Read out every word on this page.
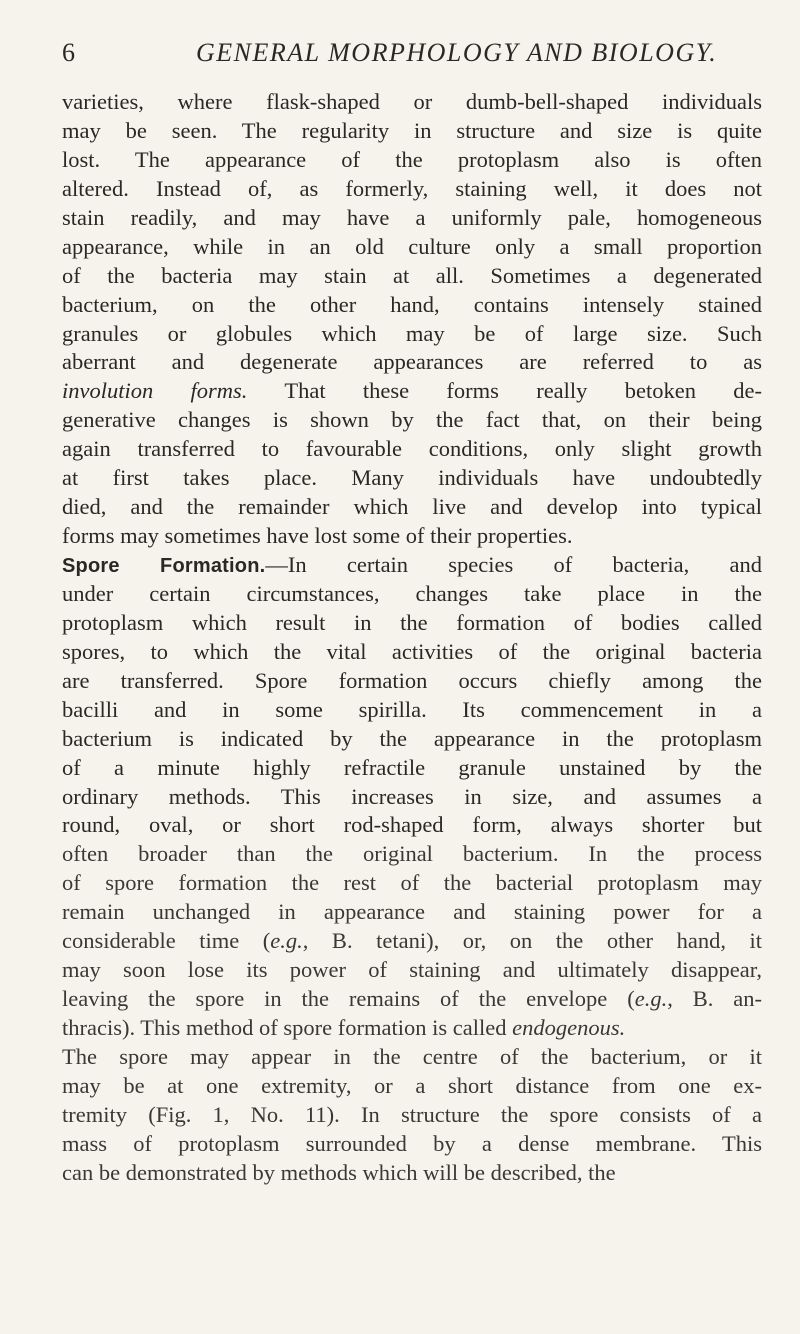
6	GENERAL MORPHOLOGY AND BIOLOGY.
varieties, where flask-shaped or dumb-bell-shaped individuals
may be seen. The regularity in structure and size is quite
lost. The appearance of the protoplasm also is often
altered. Instead of, as formerly, staining well, it does not
stain readily, and may have a uniformly pale, homogeneous
appearance, while in an old culture only a small proportion
of the bacteria may stain at all. Sometimes a degenerated
bacterium, on the other hand, contains intensely stained
granules or globules which may be of large size. Such
aberrant and degenerate appearances are referred to as
involution forms. That these forms really betoken de-
generative changes is shown by the fact that, on their being
again transferred to favourable conditions, only slight growth
at first takes place. Many individuals have undoubtedly
died, and the remainder which live and develop into typical
forms may sometimes have lost some of their properties.
Spore Formation.—In certain species of bacteria, and
under certain circumstances, changes take place in the
protoplasm which result in the formation of bodies called
spores, to which the vital activities of the original bacteria
are transferred. Spore formation occurs chiefly among the
bacilli and in some spirilla. Its commencement in a
bacterium is indicated by the appearance in the protoplasm
of a minute highly refractile granule unstained by the
ordinary methods. This increases in size, and assumes a
round, oval, or short rod-shaped form, always shorter but
often broader than the original bacterium. In the process
of spore formation the rest of the bacterial protoplasm may
remain unchanged in appearance and staining power for a
considerable time (e.g., B. tetani), or, on the other hand, it
may soon lose its power of staining and ultimately disappear,
leaving the spore in the remains of the envelope (e.g., B. an-
thracis). This method of spore formation is called endogenous.
The spore may appear in the centre of the bacterium, or it
may be at one extremity, or a short distance from one ex-
tremity (Fig. 1, No. 11). In structure the spore consists of a
mass of protoplasm surrounded by a dense membrane. This
can be demonstrated by methods which will be described, the
